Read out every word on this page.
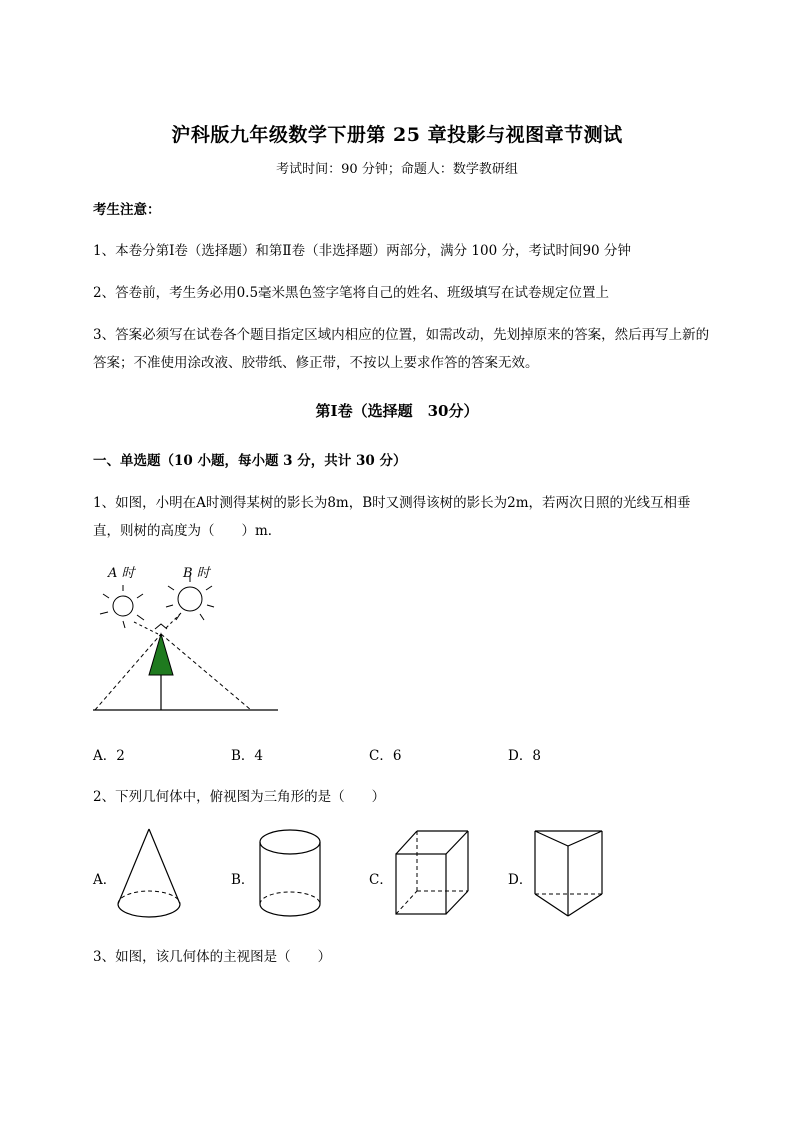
沪科版九年级数学下册第 25 章投影与视图章节测试
考试时间：90 分钟；命题人：数学教研组
考生注意：
1、本卷分第Ⅰ卷（选择题）和第Ⅱ卷（非选择题）两部分，满分 100 分，考试时间90 分钟
2、答卷前，考生务必用0.5毫米黑色签字笔将自己的姓名、班级填写在试卷规定位置上
3、答案必须写在试卷各个题目指定区域内相应的位置，如需改动，先划掉原来的答案，然后再写上新的答案；不准使用涂改液、胶带纸、修正带，不按以上要求作答的答案无效。
第Ⅰ卷（选择题　30分）
一、单选题（10 小题，每小题 3 分，共计 30 分）
1、如图，小明在A时测得某树的影长为8m，B时又测得该树的影长为2m，若两次日照的光线互相垂直，则树的高度为（　　）m．
A 时	B 时
A．2	B．4	C．6	D．8
2、下列几何体中，俯视图为三角形的是（　　）
A．	B．	C．	D．
3、如图，该几何体的主视图是（　　）
